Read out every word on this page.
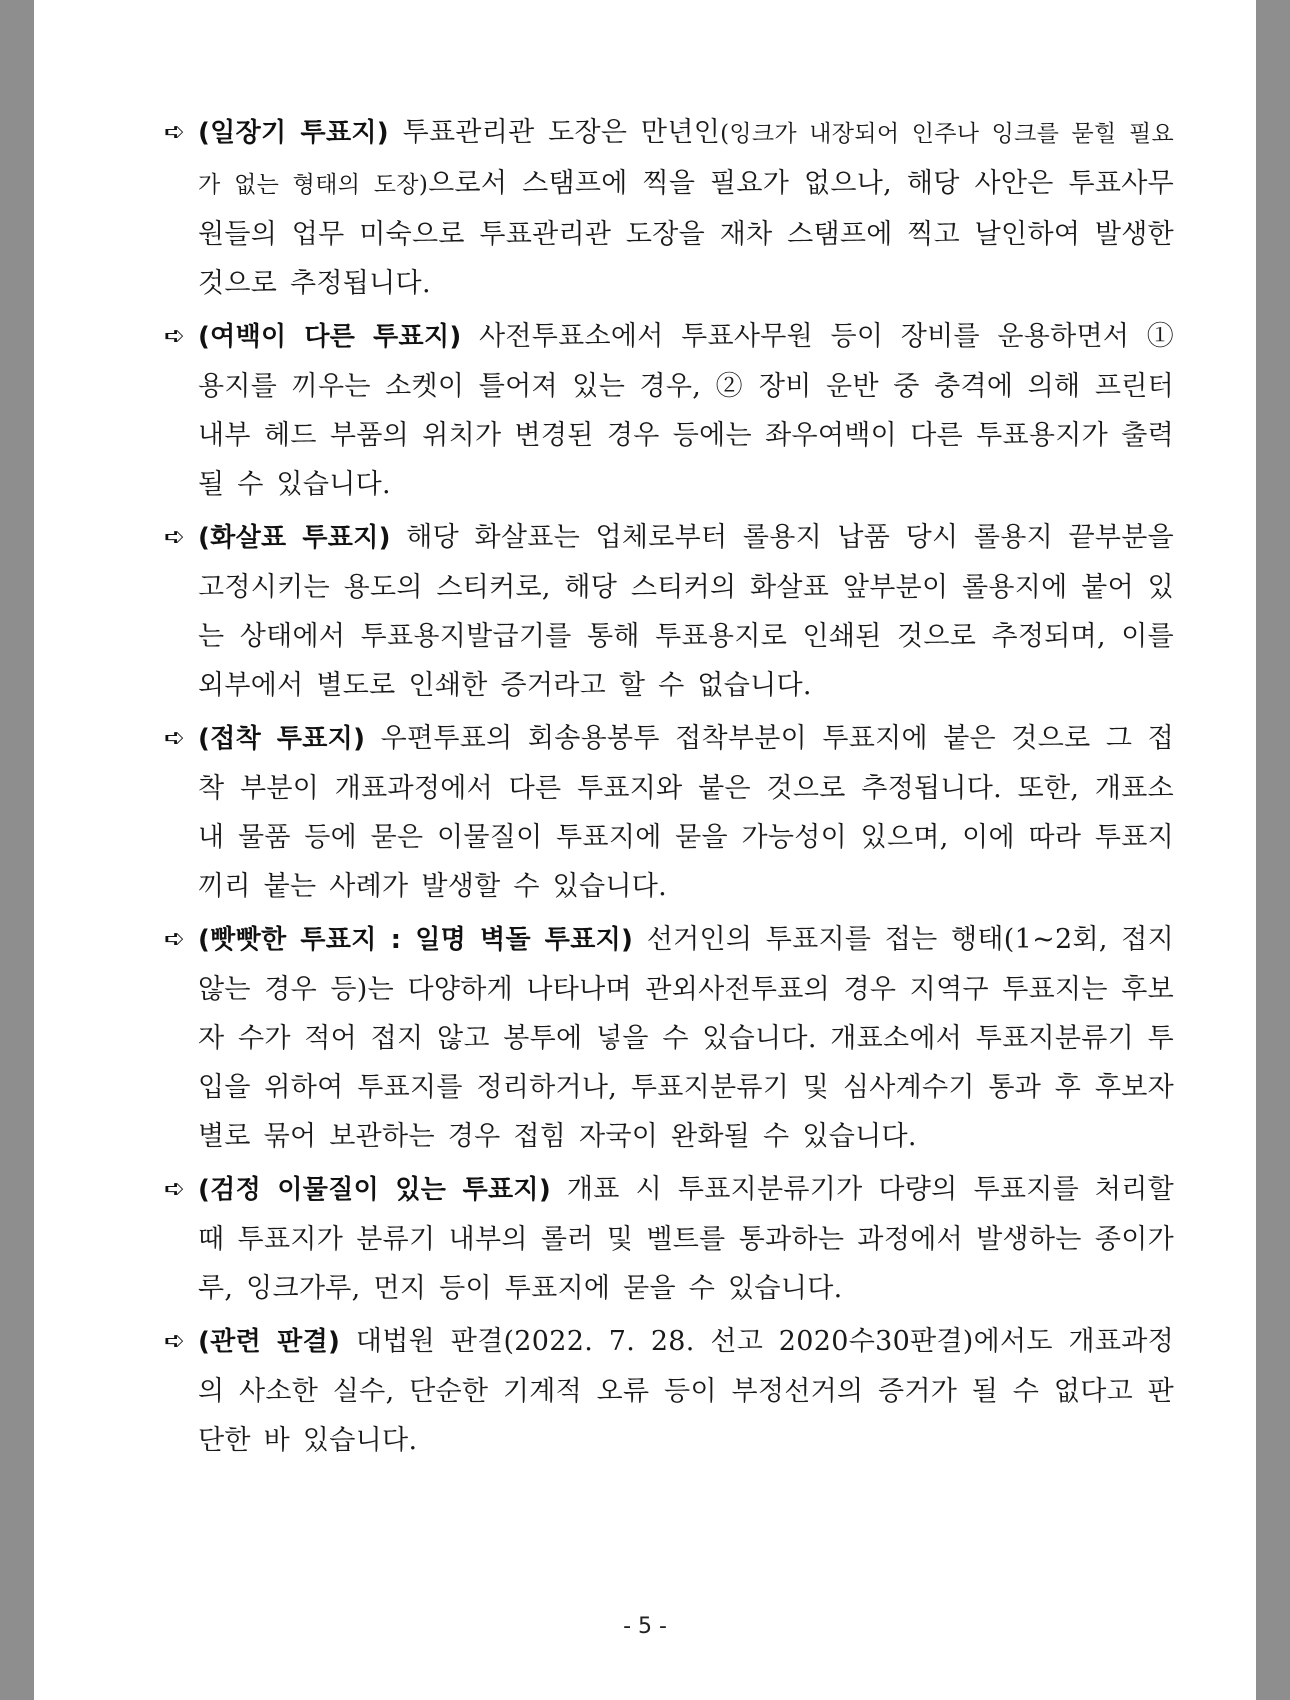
➪ (일장기 투표지) 투표관리관 도장은 만년인(잉크가 내장되어 인주나 잉크를 묻힐 필요가 없는 형태의 도장)으로서 스탬프에 찍을 필요가 없으나, 해당 사안은 투표사무원들의 업무 미숙으로 투표관리관 도장을 재차 스탬프에 찍고 날인하여 발생한 것으로 추정됩니다.

➪ (여백이 다른 투표지) 사전투표소에서 투표사무원 등이 장비를 운용하면서 ① 용지를 끼우는 소켓이 틀어져 있는 경우, ② 장비 운반 중 충격에 의해 프린터 내부 헤드 부품의 위치가 변경된 경우 등에는 좌우여백이 다른 투표용지가 출력될 수 있습니다.

➪ (화살표 투표지) 해당 화살표는 업체로부터 롤용지 납품 당시 롤용지 끝부분을 고정시키는 용도의 스티커로, 해당 스티커의 화살표 앞부분이 롤용지에 붙어 있는 상태에서 투표용지발급기를 통해 투표용지로 인쇄된 것으로 추정되며, 이를 외부에서 별도로 인쇄한 증거라고 할 수 없습니다.

➪ (접착 투표지) 우편투표의 회송용봉투 접착부분이 투표지에 붙은 것으로 그 접착 부분이 개표과정에서 다른 투표지와 붙은 것으로 추정됩니다. 또한, 개표소 내 물품 등에 묻은 이물질이 투표지에 묻을 가능성이 있으며, 이에 따라 투표지끼리 붙는 사례가 발생할 수 있습니다.

➪ (빳빳한 투표지 : 일명 벽돌 투표지) 선거인의 투표지를 접는 행태(1~2회, 접지 않는 경우 등)는 다양하게 나타나며 관외사전투표의 경우 지역구 투표지는 후보자 수가 적어 접지 않고 봉투에 넣을 수 있습니다. 개표소에서 투표지분류기 투입을 위하여 투표지를 정리하거나, 투표지분류기 및 심사계수기 통과 후 후보자별로 묶어 보관하는 경우 접힘 자국이 완화될 수 있습니다.

➪ (검정 이물질이 있는 투표지) 개표 시 투표지분류기가 다량의 투표지를 처리할 때 투표지가 분류기 내부의 롤러 및 벨트를 통과하는 과정에서 발생하는 종이가루, 잉크가루, 먼지 등이 투표지에 묻을 수 있습니다.

➪ (관련 판결) 대법원 판결(2022. 7. 28. 선고 2020수30판결)에서도 개표과정의 사소한 실수, 단순한 기계적 오류 등이 부정선거의 증거가 될 수 없다고 판단한 바 있습니다.

- 5 -
